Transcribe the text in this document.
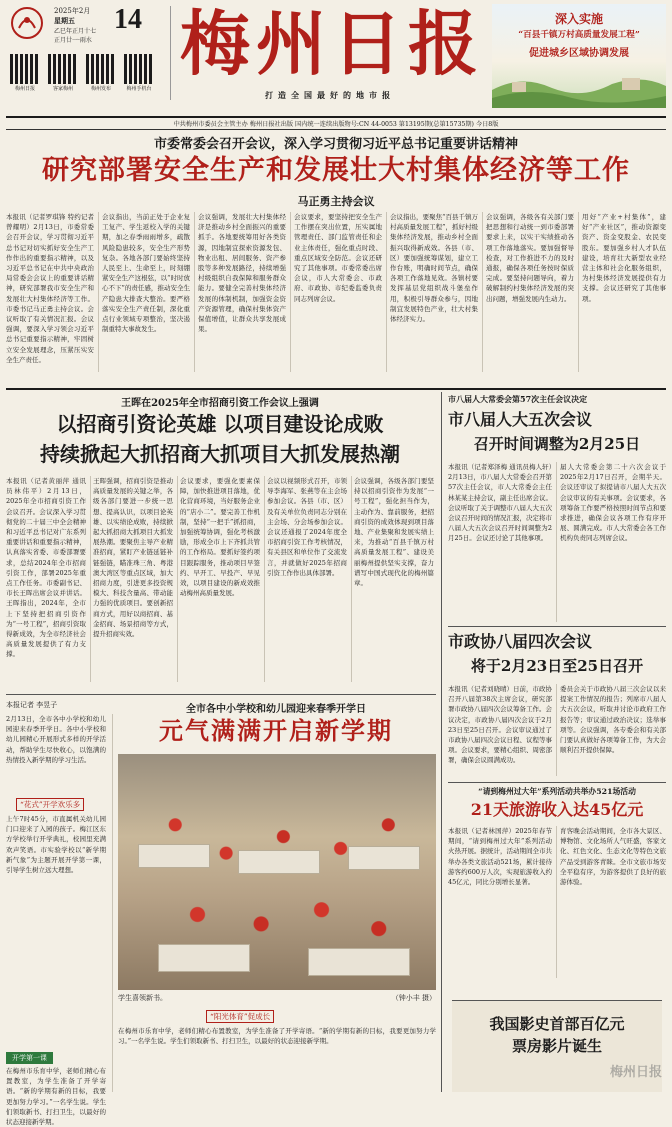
2025年2月
星期五
乙巳年正月十七
正月廿一·雨水
14
梅州日报	客家梅州	梅州发布	梅州手机台
梅州日报
打造全国最好的地市报
深入实施
“百县千镇万村高质量发展工程”
促进城乡区域协调发展
中共梅州市委员会主管主办 梅州日报社出版 国内统一连续出版物号:CN 44-0053 第13195期(总第15735期) 今日8版
市委常委会召开会议，深入学习贯彻习近平总书记重要讲话精神
研究部署安全生产和发展壮大村集体经济等工作
马正勇主持会议
本报讯（记者罗琪锋 特约记者曾耀明）2月13日，市委常委会召开会议，学习贯彻习近平总书记对切实抓好安全生产工作作出的重要指示精神，以及习近平总书记在中共中央政治局常委会会议上的重要讲话精神，研究部署我市安全生产和发展壮大村集体经济等工作。市委书记马正勇主持会议。会议听取了有关情况汇报。会议强调，要深入学习领会习近平总书记重要指示精神，牢固树立安全发展理念，压紧压实安全生产责任。
会议指出，当前正处于企业复工复产、学生返校入学的关键期，加之春季雨雨增多，疏散风险隐患较多，安全生产形势复杂。各地各部门要始终坚持人民至上、生命至上，时刻绷紧安全生产这根弦，以“时时放心不下”的责任感，推动安全生产隐患大排查大整治。要严格落实安全生产责任制，深化重点行业领域专项整治，坚决遏制重特大事故发生。
会议强调，发展壮大村集体经济是推动乡村全面振兴的重要抓手。各地要统筹用好各类资源，因地制宜探索资源发包、物业出租、居间服务、资产参股等多种发展路径，持续增强村级组织自我保障和服务群众能力。要健全完善村集体经济发展的体制机制，加强资金资产资源管理，确保村集体资产保值增值，让群众共享发展成果。
会议要求，要坚持把安全生产工作摆在突出位置，压实属地管理责任、部门监管责任和企业主体责任，强化重点时段、重点区域安全防范。会议还研究了其他事项。市委常委出席会议，市人大常委会、市政府、市政协、市纪委监委负责同志列席会议。
会议指出，要聚焦“百县千镇万村高质量发展工程”，抓好村级集体经济发展，推动乡村全面振兴取得新成效。各县（市、区）要加强统筹谋划，建立工作台账，明确时间节点，确保各项工作落地见效。各镇村要发挥基层党组织战斗堡垒作用，积极引导群众参与，因地制宜发展特色产业，壮大村集体经济实力。
会议强调，各级各有关部门要把思想和行动统一到市委部署要求上来，以实干实绩推动各项工作落地落实。要加强督导检查，对工作推进不力的及时通报，确保各项任务按时保质完成。要坚持问题导向，着力破解制约村集体经济发展的突出问题，增强发展内生动力。
用好“产业+村集体”，建好“产业社区”，推动资源变资产、资金变股金、农民变股东。要加强乡村人才队伍建设，培育壮大新型农业经营主体和社会化服务组织，为村集体经济发展提供有力支撑。会议还研究了其他事项。
王晖在2025年全市招商引资工作会议上强调
以招商引资论英雄 以项目建设论成败
持续掀起大抓招商大抓项目大抓发展热潮
本报讯（记者黄丽萍 通讯员林伟平）2月13日，2025年全市招商引资工作会议召开。会议深入学习贯彻党的二十届三中全会精神和习近平总书记对广东系列重要讲话和重要指示精神，认真落实省委、市委部署要求，总结2024年全市招商引资工作，部署2025年重点工作任务。市委副书记、市长王晖出席会议并讲话。王晖指出，2024年，全市上下坚持把招商引资作为“一号工程”，招商引资取得新成效，为全市经济社会高质量发展提供了有力支撑。
王晖强调，招商引资是推动高质量发展的关键之举，各级各部门要进一步统一思想、提高认识，以项目论英雄、以实绩论成败，持续掀起大抓招商大抓项目大抓发展热潮。要聚焦主导产业精准招商，紧盯产业链延链补链强链，瞄准珠三角、粤港澳大湾区等重点区域，加大招商力度，引进更多投资规模大、科技含量高、带动能力强的优质项目。要创新招商方式，用好以商招商、基金招商、场景招商等方式，提升招商实效。
会议要求，要强化要素保障，加快推进项目落地，优化营商环境，当好服务企业的“店小二”。要完善工作机制，坚持“一把手”抓招商，加强统筹协调，强化考核激励，形成全市上下齐抓共管的工作格局。要抓好签约项目跟踪服务，推动项目早签约、早开工、早投产、早见效，以项目建设的新成效推动梅州高质量发展。
会议以视频形式召开，市领导李海军、张燕等在主会场参加会议。各县（市、区）及有关单位负责同志分别在主会场、分会场参加会议。会议还通报了2024年度全市招商引资工作考核情况，有关县区和单位作了交流发言，并就做好2025年招商引资工作作出具体部署。
会议强调，各级各部门要坚持以招商引资作为发展“一号工程”，强化担当作为，主动作为、靠前服务，把招商引资的成效体现到项目落地、产业集聚和发展实绩上来，为推动“百县千镇万村高质量发展工程”、建设美丽梅州提供坚实支撑，奋力谱写中国式现代化的梅州篇章。
市八届人大常委会第57次主任会议决定
市八届人大五次会议
召开时间调整为2月25日
本报讯（记者郑泽梅 通讯员梅人轩）2月13日，市八届人大常委会召开第57次主任会议，市人大常委会主任林某某主持会议，副主任出席会议。会议听取了关于调整市八届人大五次会议召开时间的情况汇报，决定将市八届人大五次会议召开时间调整为2月25日。会议还讨论了其他事项。
届人大常委会第二十六次会议于2025年2月17日召开，会期半天。会议还审议了拟提请市八届人大五次会议审议的有关事项。会议要求，各项筹备工作要严格按照时间节点和要求推进，确保会议各项工作有序开展、圆满完成。市人大常委会各工作机构负责同志列席会议。
市政协八届四次会议
将于2月23日至25日召开
本报讯（记者刘晓晴）日前，市政协召开八届第38次主席会议，研究部署市政协八届四次会议筹备工作。会议决定，市政协八届四次会议于2月23日至25日召开。会议审议通过了市政协八届四次会议日程、议程等事项。会议要求，要精心组织、周密部署，确保会议圆满成功。
委员会关于市政协八届三次会议以来提案工作情况的报告；列席市八届人大五次会议，听取并讨论市政府工作报告等；审议通过政治决议；选举事项等。会议强调，各专委会和有关部门要认真做好各项筹备工作，为大会顺利召开提供保障。
“请到梅州过大年”系列活动共举办521场活动
21天旅游收入达45亿元
本报讯（记者林国萍）2025年春节期间，“请到梅州过大年”系列活动火热开展。据统计，活动期间全市共举办各类文旅活动521场，累计接待游客约600万人次，实现旅游收入约45亿元，同比分别增长显著。
育客晚会活动期间，全市各大景区、博物馆、文化场所人气旺盛，客家文化、红色文化、生态文化等特色文旅产品受到游客青睐。全市文旅市场安全平稳有序，为游客提供了良好的旅游体验。
我国影史首部百亿元
票房影片诞生
梅州日报
本报记者 李昱子	全市各中小学校和幼儿园迎来春季开学日
元气满满开启新学期
2月13日，全市各中小学校和幼儿园迎来春季开学日。各中小学校和幼儿园精心开展形式多样的开学活动，帮助学生尽快收心，以饱满的热情投入新学期的学习生活。
“花式”开学欢乐多
上午7时45分，市直属机关幼儿园门口迎来了入园的孩子。梅江区东方学校举行开学典礼，校园里充满欢声笑语。市实验学校以“新学期 新气象”为主题开展开学第一课，引导学生树立远大理想。
开学第一课
在梅州市乐育中学，老师们精心布置教室，为学生准备了开学寄语。“新的学期有新的目标，我要更加努力学习。”一名学生说。学生们领取新书、打扫卫生，以最好的状态迎接新学期。
学生喜领新书。	（钟小丰 摄）
“阳光体育”促成长
在梅州市乐育中学，老师们精心布置教室，为学生准备了开学寄语。“新的学期有新的目标，我要更加努力学习。”一名学生说。学生们领取新书、打扫卫生，以最好的状态迎接新学期。
